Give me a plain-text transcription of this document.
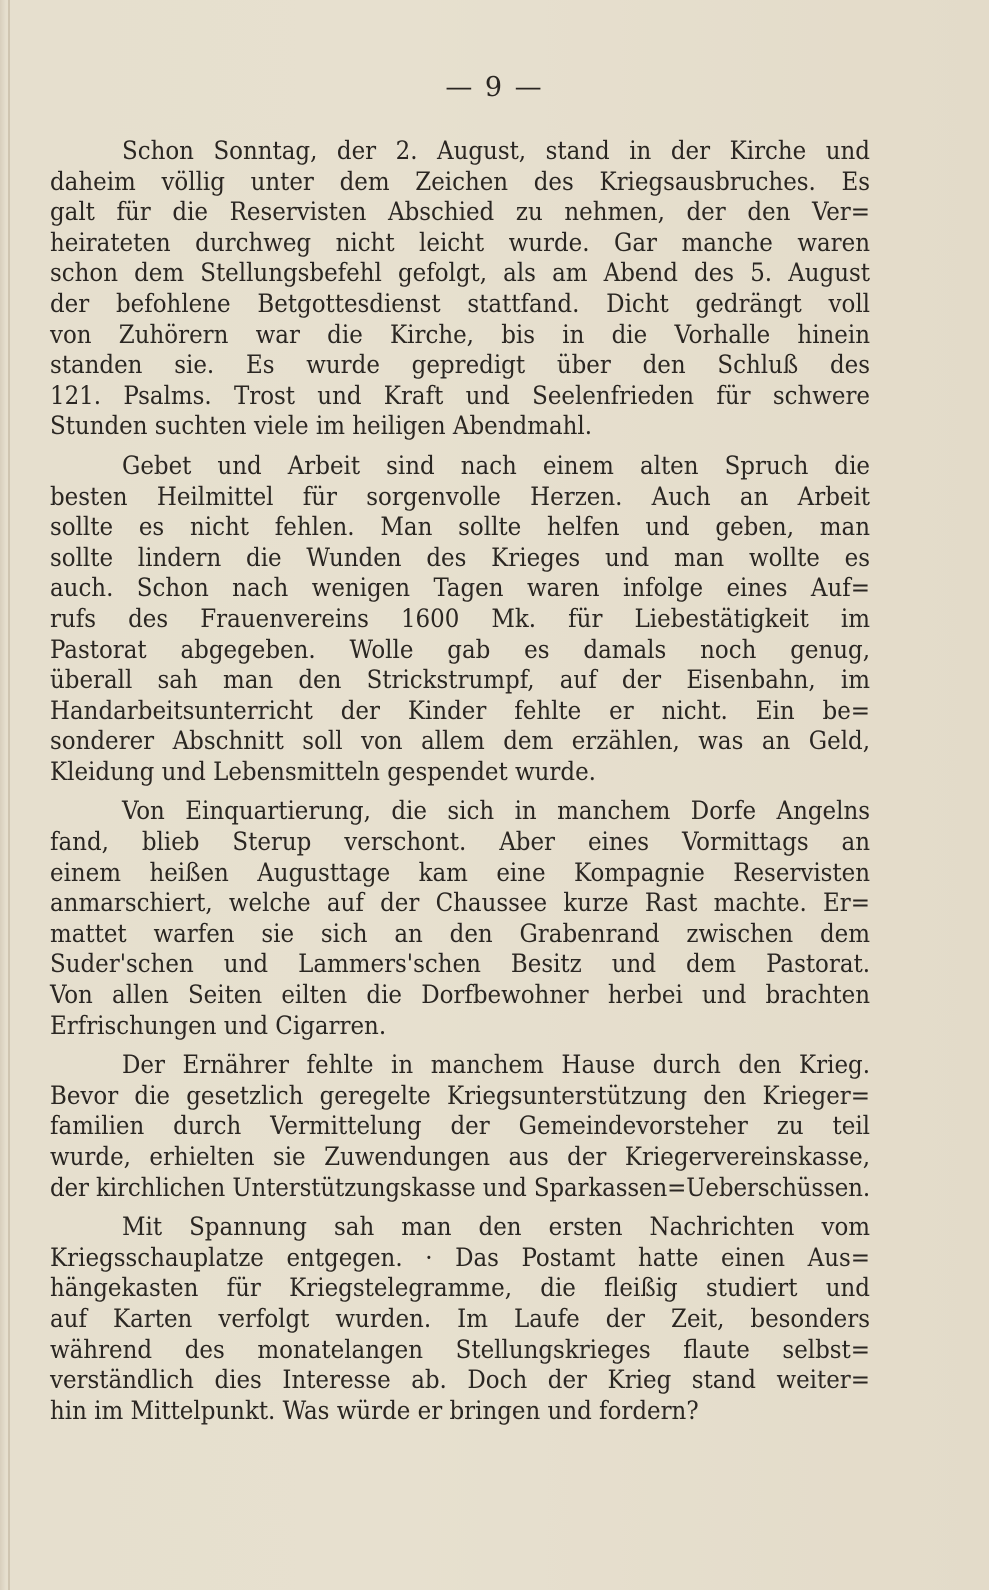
— 9 —
Schon Sonntag, der 2. August, stand in der Kirche und
daheim völlig unter dem Zeichen des Kriegsausbruches. Es
galt für die Reservisten Abschied zu nehmen, der den Ver=
heirateten durchweg nicht leicht wurde. Gar manche waren
schon dem Stellungsbefehl gefolgt, als am Abend des 5. August
der befohlene Betgottesdienst stattfand. Dicht gedrängt voll
von Zuhörern war die Kirche, bis in die Vorhalle hinein
standen sie. Es wurde gepredigt über den Schluß des
121. Psalms. Trost und Kraft und Seelenfrieden für schwere
Stunden suchten viele im heiligen Abendmahl.
Gebet und Arbeit sind nach einem alten Spruch die
besten Heilmittel für sorgenvolle Herzen. Auch an Arbeit
sollte es nicht fehlen. Man sollte helfen und geben, man
sollte lindern die Wunden des Krieges und man wollte es
auch. Schon nach wenigen Tagen waren infolge eines Auf=
rufs des Frauenvereins 1600 Mk. für Liebestätigkeit im
Pastorat abgegeben. Wolle gab es damals noch genug,
überall sah man den Strickstrumpf, auf der Eisenbahn, im
Handarbeitsunterricht der Kinder fehlte er nicht. Ein be=
sonderer Abschnitt soll von allem dem erzählen, was an Geld,
Kleidung und Lebensmitteln gespendet wurde.
Von Einquartierung, die sich in manchem Dorfe Angelns
fand, blieb Sterup verschont. Aber eines Vormittags an
einem heißen Augusttage kam eine Kompagnie Reservisten
anmarschiert, welche auf der Chaussee kurze Rast machte. Er=
mattet warfen sie sich an den Grabenrand zwischen dem
Suder'schen und Lammers'schen Besitz und dem Pastorat.
Von allen Seiten eilten die Dorfbewohner herbei und brachten
Erfrischungen und Cigarren.
Der Ernährer fehlte in manchem Hause durch den Krieg.
Bevor die gesetzlich geregelte Kriegsunterstützung den Krieger=
familien durch Vermittelung der Gemeindevorsteher zu teil
wurde, erhielten sie Zuwendungen aus der Kriegervereinskasse,
der kirchlichen Unterstützungskasse und Sparkassen=Ueberschüssen.
Mit Spannung sah man den ersten Nachrichten vom
Kriegsschauplatze entgegen. · Das Postamt hatte einen Aus=
hängekasten für Kriegstelegramme, die fleißig studiert und
auf Karten verfolgt wurden. Im Laufe der Zeit, besonders
während des monatelangen Stellungskrieges flaute selbst=
verständlich dies Interesse ab. Doch der Krieg stand weiter=
hin im Mittelpunkt. Was würde er bringen und fordern?
